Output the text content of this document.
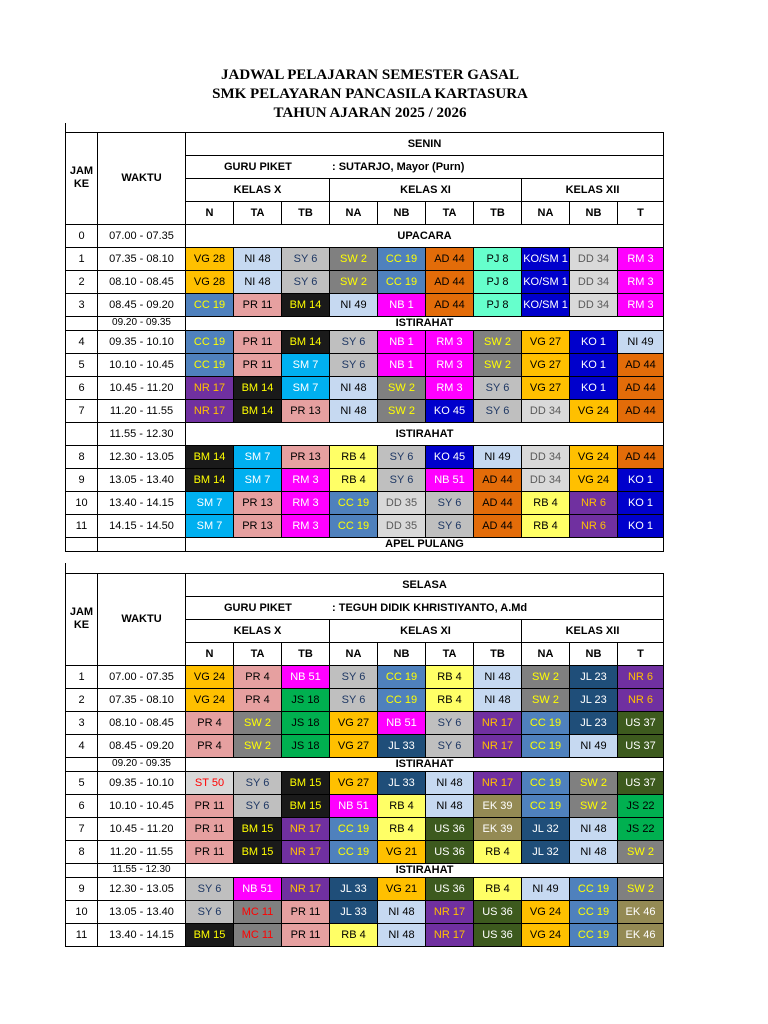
JADWAL PELAJARAN SEMESTER GASAL
SMK PELAYARAN PANCASILA KARTASURA
TAHUN AJARAN 2025 / 2026

JAM KE	WAKTU	SENIN									
		GURU PIKET : SUTARJO, Mayor (Purn)									
		KELAS X			KELAS XI				KELAS XII		
		N	TA	TB	NA	NB	TA	TB	NA	NB	T
0	07.00 - 07.35	UPACARA									
1	07.35 - 08.10	VG 28	NI 48	SY 6	SW 2	CC 19	AD 44	PJ 8	KO/SM 1	DD 34	RM 3
2	08.10 - 08.45	VG 28	NI 48	SY 6	SW 2	CC 19	AD 44	PJ 8	KO/SM 1	DD 34	RM 3
3	08.45 - 09.20	CC 19	PR 11	BM 14	NI 49	NB 1	AD 44	PJ 8	KO/SM 1	DD 34	RM 3
	09.20 - 09.35	ISTIRAHAT									
4	09.35 - 10.10	CC 19	PR 11	BM 14	SY 6	NB 1	RM 3	SW 2	VG 27	KO 1	NI 49
5	10.10 - 10.45	CC 19	PR 11	SM 7	SY 6	NB 1	RM 3	SW 2	VG 27	KO 1	AD 44
6	10.45 - 11.20	NR 17	BM 14	SM 7	NI 48	SW 2	RM 3	SY 6	VG 27	KO 1	AD 44
7	11.20 - 11.55	NR 17	BM 14	PR 13	NI 48	SW 2	KO 45	SY 6	DD 34	VG 24	AD 44
	11.55 - 12.30	ISTIRAHAT									
8	12.30 - 13.05	BM 14	SM 7	PR 13	RB 4	SY 6	KO 45	NI 49	DD 34	VG 24	AD 44
9	13.05 - 13.40	BM 14	SM 7	RM 3	RB 4	SY 6	NB 51	AD 44	DD 34	VG 24	KO 1
10	13.40 - 14.15	SM 7	PR 13	RM 3	CC 19	DD 35	SY 6	AD 44	RB 4	NR 6	KO 1
11	14.15 - 14.50	SM 7	PR 13	RM 3	CC 19	DD 35	SY 6	AD 44	RB 4	NR 6	KO 1
		APEL PULANG									

JAM KE	WAKTU	SELASA									
		GURU PIKET : TEGUH DIDIK KHRISTIYANTO, A.Md									
		KELAS X			KELAS XI				KELAS XII		
		N	TA	TB	NA	NB	TA	TB	NA	NB	T
1	07.00 - 07.35	VG 24	PR 4	NB 51	SY 6	CC 19	RB 4	NI 48	SW 2	JL 23	NR 6
2	07.35 - 08.10	VG 24	PR 4	JS 18	SY 6	CC 19	RB 4	NI 48	SW 2	JL 23	NR 6
3	08.10 - 08.45	PR 4	SW 2	JS 18	VG 27	NB 51	SY 6	NR 17	CC 19	JL 23	US 37
4	08.45 - 09.20	PR 4	SW 2	JS 18	VG 27	JL 33	SY 6	NR 17	CC 19	NI 49	US 37
	09.20 - 09.35	ISTIRAHAT									
5	09.35 - 10.10	ST 50	SY 6	BM 15	VG 27	JL 33	NI 48	NR 17	CC 19	SW 2	US 37
6	10.10 - 10.45	PR 11	SY 6	BM 15	NB 51	RB 4	NI 48	EK 39	CC 19	SW 2	JS 22
7	10.45 - 11.20	PR 11	BM 15	NR 17	CC 19	RB 4	US 36	EK 39	JL 32	NI 48	JS 22
8	11.20 - 11.55	PR 11	BM 15	NR 17	CC 19	VG 21	US 36	RB 4	JL 32	NI 48	SW 2
	11.55 - 12.30	ISTIRAHAT									
9	12.30 - 13.05	SY 6	NB 51	NR 17	JL 33	VG 21	US 36	RB 4	NI 49	CC 19	SW 2
10	13.05 - 13.40	SY 6	MC 11	PR 11	JL 33	NI 48	NR 17	US 36	VG 24	CC 19	EK 46
11	13.40 - 14.15	BM 15	MC 11	PR 11	RB 4	NI 48	NR 17	US 36	VG 24	CC 19	EK 46
